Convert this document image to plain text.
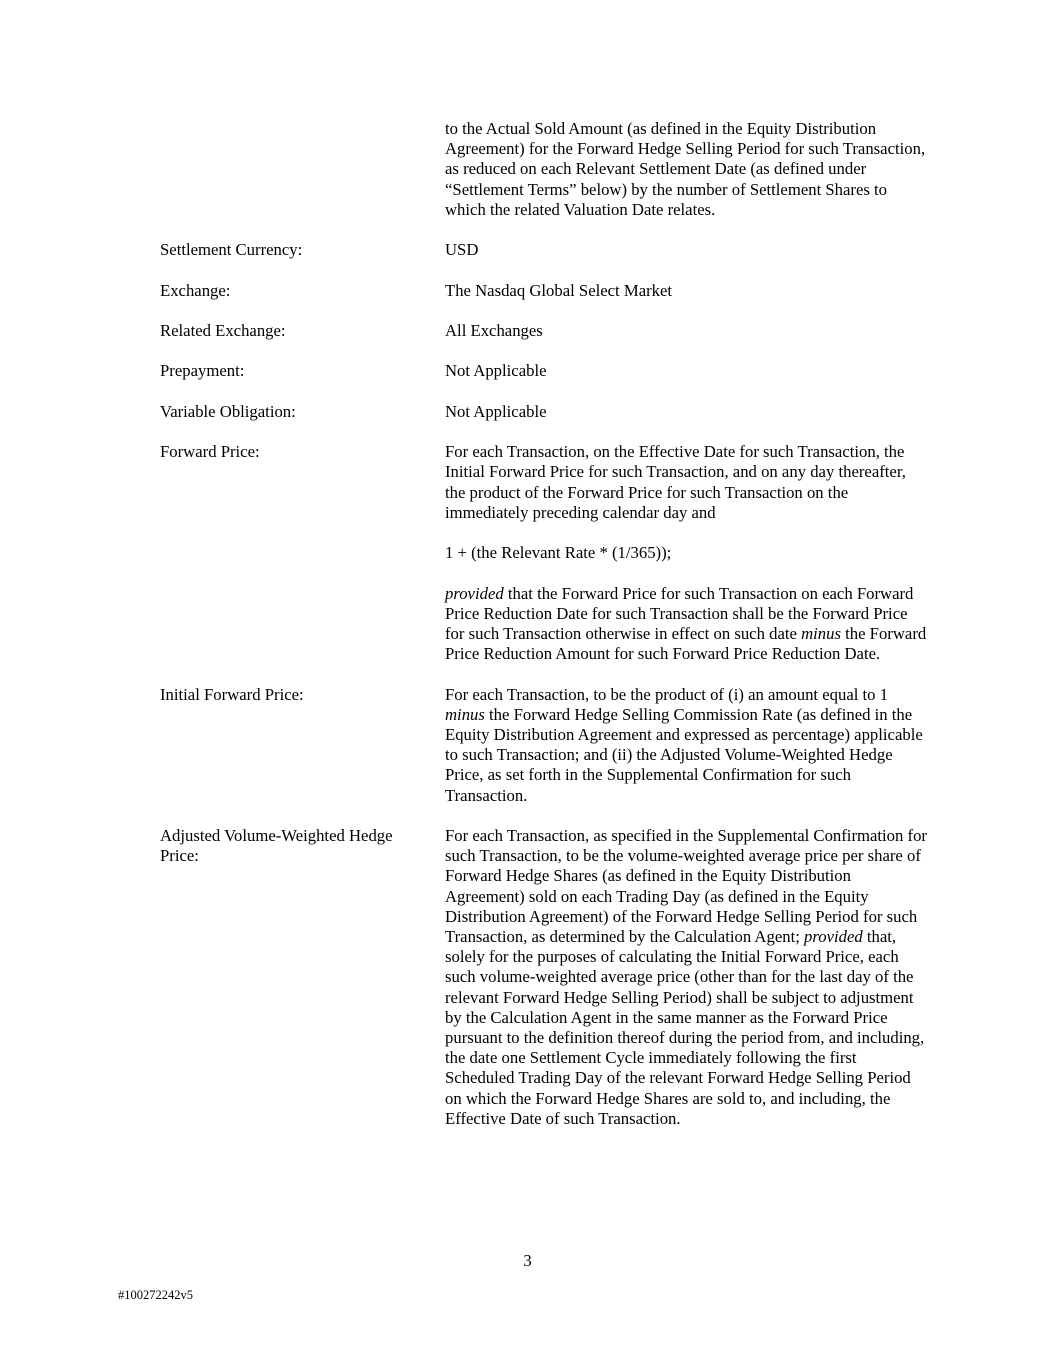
to the Actual Sold Amount (as defined in the Equity Distribution Agreement) for the Forward Hedge Selling Period for such Transaction, as reduced on each Relevant Settlement Date (as defined under “Settlement Terms” below) by the number of Settlement Shares to which the related Valuation Date relates.

Settlement Currency:	USD

Exchange:	The Nasdaq Global Select Market

Related Exchange:	All Exchanges

Prepayment:	Not Applicable

Variable Obligation:	Not Applicable

Forward Price:	For each Transaction, on the Effective Date for such Transaction, the Initial Forward Price for such Transaction, and on any day thereafter, the product of the Forward Price for such Transaction on the immediately preceding calendar day and

1 + (the Relevant Rate * (1/365));

provided that the Forward Price for such Transaction on each Forward Price Reduction Date for such Transaction shall be the Forward Price for such Transaction otherwise in effect on such date minus the Forward Price Reduction Amount for such Forward Price Reduction Date.

Initial Forward Price:	For each Transaction, to be the product of (i) an amount equal to 1 minus the Forward Hedge Selling Commission Rate (as defined in the Equity Distribution Agreement and expressed as percentage) applicable to such Transaction; and (ii) the Adjusted Volume-Weighted Hedge Price, as set forth in the Supplemental Confirmation for such Transaction.

Adjusted Volume-Weighted Hedge Price:

For each Transaction, as specified in the Supplemental Confirmation for such Transaction, to be the volume-weighted average price per share of Forward Hedge Shares (as defined in the Equity Distribution Agreement) sold on each Trading Day (as defined in the Equity Distribution Agreement) of the Forward Hedge Selling Period for such Transaction, as determined by the Calculation Agent; provided that, solely for the purposes of calculating the Initial Forward Price, each such volume-weighted average price (other than for the last day of the relevant Forward Hedge Selling Period) shall be subject to adjustment by the Calculation Agent in the same manner as the Forward Price pursuant to the definition thereof during the period from, and including, the date one Settlement Cycle immediately following the first Scheduled Trading Day of the relevant Forward Hedge Selling Period on which the Forward Hedge Shares are sold to, and including, the Effective Date of such Transaction.

3
#100272242v5
